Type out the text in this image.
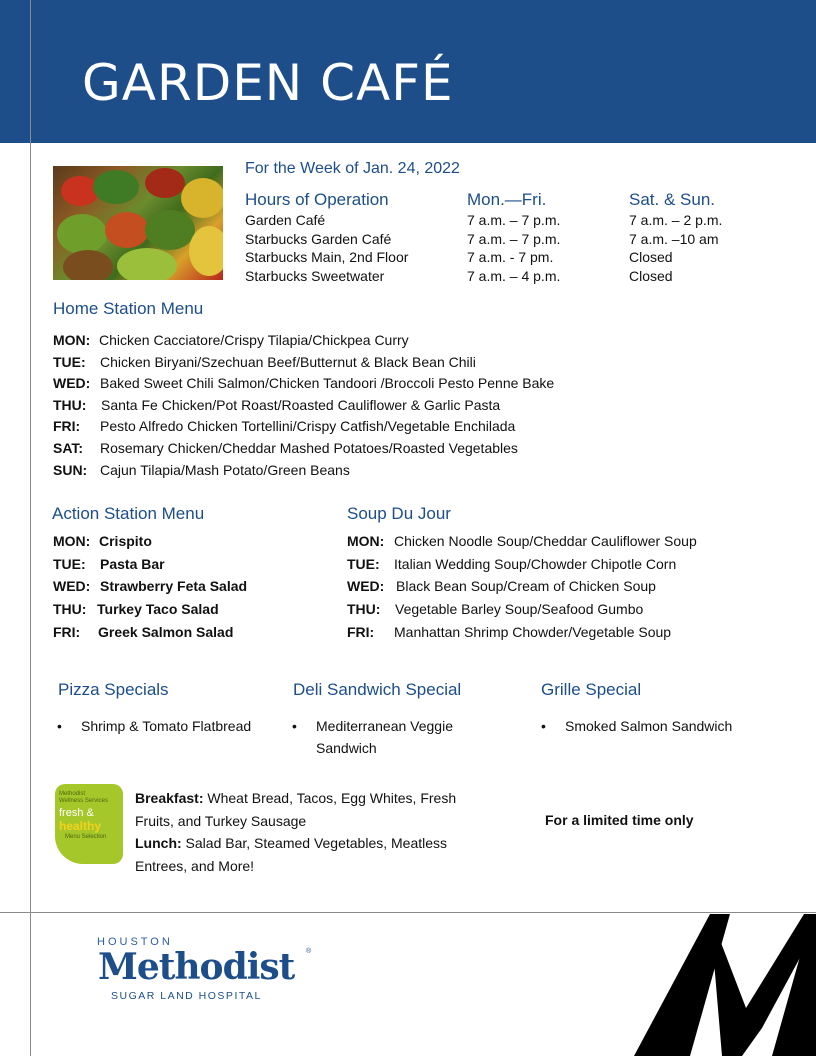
GARDEN CAFÉ
For the Week of Jan. 24, 2022
Hours of Operation	Mon.—Fri.	Sat. & Sun.
Garden Café
Starbucks Garden Café
Starbucks Main, 2nd Floor
Starbucks Sweetwater
7 a.m. – 7 p.m.
7 a.m. – 7 p.m.
7 a.m. - 7 pm.
7 a.m. – 4 p.m.
7 a.m. – 2 p.m.
7 a.m. –10 am
Closed
Closed
Home Station Menu
MON: Chicken Cacciatore/Crispy Tilapia/Chickpea Curry
TUE: Chicken Biryani/Szechuan Beef/Butternut & Black Bean Chili
WED: Baked Sweet Chili Salmon/Chicken Tandoori /Broccoli Pesto Penne Bake
THU: Santa Fe Chicken/Pot Roast/Roasted Cauliflower & Garlic Pasta
FRI: Pesto Alfredo Chicken Tortellini/Crispy Catfish/Vegetable Enchilada
SAT: Rosemary Chicken/Cheddar Mashed Potatoes/Roasted Vegetables
SUN: Cajun Tilapia/Mash Potato/Green Beans
Action Station Menu
MON: Crispito
TUE: Pasta Bar
WED: Strawberry Feta Salad
THU: Turkey Taco Salad
FRI: Greek Salmon Salad
Soup Du Jour
MON: Chicken Noodle Soup/Cheddar Cauliflower Soup
TUE: Italian Wedding Soup/Chowder Chipotle Corn
WED: Black Bean Soup/Cream of Chicken Soup
THU: Vegetable Barley Soup/Seafood Gumbo
FRI: Manhattan Shrimp Chowder/Vegetable Soup
Pizza Specials
• Shrimp & Tomato Flatbread
Deli Sandwich Special
• Mediterranean Veggie Sandwich
Grille Special
• Smoked Salmon Sandwich
Methodist
Wellness Services
fresh &
healthy
Menu Selection
Breakfast: Wheat Bread, Tacos, Egg Whites, Fresh Fruits, and Turkey Sausage
Lunch: Salad Bar, Steamed Vegetables, Meatless Entrees, and More!
For a limited time only
HOUSTON
Methodist ®
SUGAR LAND HOSPITAL
